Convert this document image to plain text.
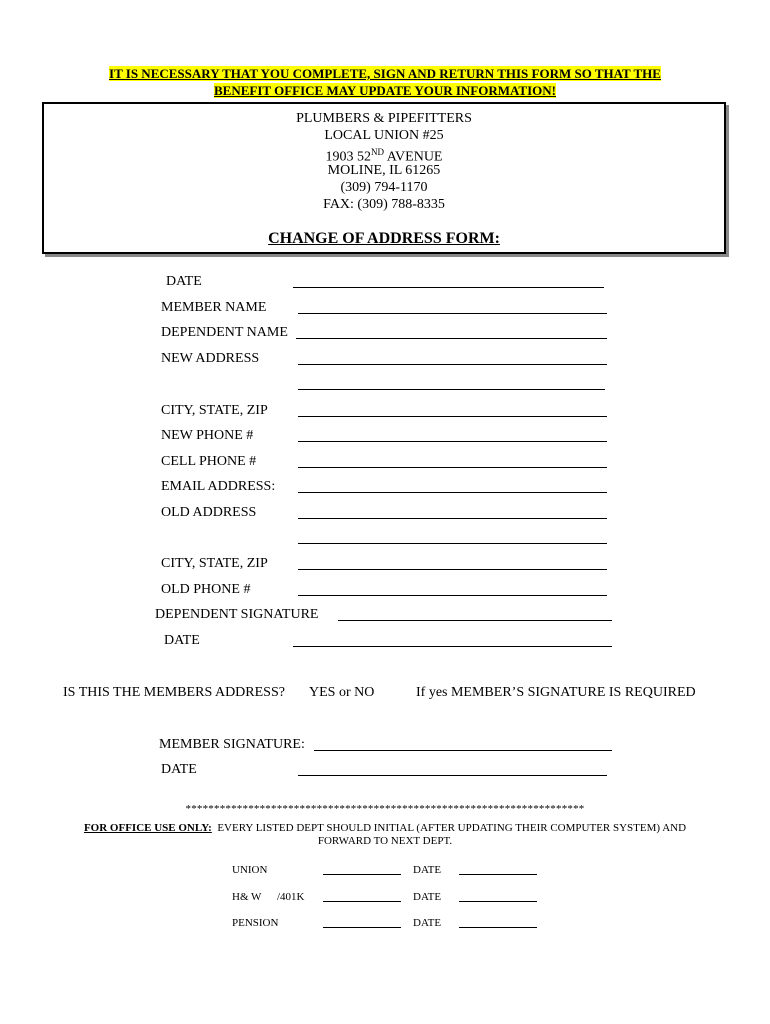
IT IS NECESSARY THAT YOU COMPLETE, SIGN AND RETURN THIS FORM SO THAT THE
BENEFIT OFFICE MAY UPDATE YOUR INFORMATION!
PLUMBERS & PIPEFITTERS
LOCAL UNION #25
1903 52ND AVENUE
MOLINE, IL 61265
(309) 794-1170
FAX: (309) 788-8335
CHANGE OF ADDRESS FORM:
DATE
MEMBER NAME
DEPENDENT NAME
NEW ADDRESS
CITY, STATE, ZIP
NEW PHONE #
CELL PHONE #
EMAIL ADDRESS:
OLD ADDRESS
CITY, STATE, ZIP
OLD PHONE #
DEPENDENT SIGNATURE
DATE
IS THIS THE MEMBERS ADDRESS? YES or NO	If yes MEMBER’S SIGNATURE IS REQUIRED
MEMBER SIGNATURE:
DATE
**********************************************************************
FOR OFFICE USE ONLY: EVERY LISTED DEPT SHOULD INITIAL (AFTER UPDATING THEIR COMPUTER SYSTEM) AND
FORWARD TO NEXT DEPT.
UNION	DATE
H& W /401K	DATE
PENSION	DATE
